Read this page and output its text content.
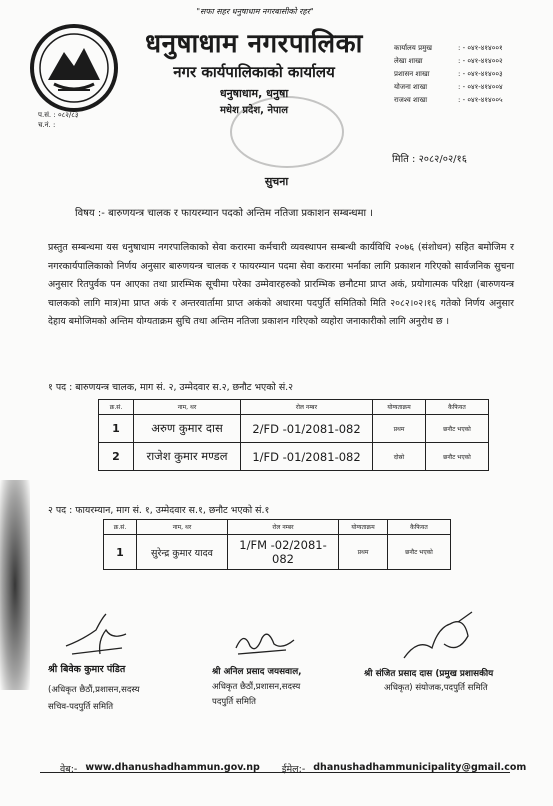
"सफा सहर धनुषाधाम नगरबासीको रहर"
धनुषाधाम नगरपालिका
नगर कार्यपालिकाको कार्यालय
धनुषाधाम, धनुषा
मधेश प्रदेश, नेपाल
प.सं. : ०८२/८३
च.नं. :
कार्यालय प्रमुख	: - ०४१-४१४००१
लेखा शाखा	: - ०४१-४१४००२
प्रशासन शाखा	: - ०४१-४१४००३
योजना शाखा	: - ०४१-४१४००४
राजश्व शाखा	: - ०४१-४१४००५
मिति : २०८२/०२/१६
सुचना
विषय :- बारुणयन्त्र चालक र फायरम्यान पदको अन्तिम नतिजा प्रकाशन सम्बन्धमा ।
प्रस्तुत सम्बन्धमा यस धनुषाधाम नगरपालिकाको सेवा करारमा कर्मचारी व्यवस्थापन सम्बन्धी कार्यविधि २०७६ (संशोधन) सहित बमोजिम र नगरकार्यपालिकाको निर्णय अनुसार बारुणयन्त्र चालक र फायरम्यान पदमा सेवा करारमा भर्नाका लागि प्रकाशन गरिएको सार्वजनिक सुचना अनुसार रितपुर्वक पन आएका तथा प्रारम्भिक सूचीमा परेका उम्मेवारहरुको प्रारम्भिक छनौटमा प्राप्त अकं, प्रयोगात्मक परिक्षा (बारुणयन्त्र चालकको लागि मात्र)मा प्राप्त अकं र अन्तरवार्तामा प्राप्त अकंको अधारमा पदपुर्ति समितिको मिति २०८२।०२।१६ गतेको निर्णय अनुसार देहाय बमोजिमको अन्तिम योग्यताक्रम सुचि तथा अन्तिम नतिजा प्रकाशन गरिएको व्यहोरा जनाकारीको लागि अनुरोध छ ।
१ पद : बारुणयन्त्र चालक, माग सं. २, उम्मेदवार स.२, छनौट भएको सं.२
क्र.सं.	नाम, थर	रोल नम्बर	योग्यताक्रम	कैफियत
1	अरुण कुमार दास	2/FD -01/2081-082	प्रथम	छनौट भएको
2	राजेश कुमार मण्डल	1/FD -01/2081-082	दोस्रो	छनौट भएको
२ पद : फायरम्यान, माग सं. १, उम्मेदवार स.१, छनौट भएको सं.१
क्र.सं.	नाम, थर	रोल नम्बर	योग्यताक्रम	कैफियत
1	सुरेन्द्र कुमार यादव	1/FM -02/2081-082	प्रथम	छनौट भएको
श्री बिवेक कुमार पंडित
(अधिकृत छैठौं,प्रशासन,सदस्य
सचिव-पदपुर्ति समिति
श्री अनिल प्रसाद जयसवाल,
अधिकृत छैठौं,प्रशासन,सदस्य
पदपुर्ति समिति
श्री संजित प्रसाद दास (प्रमुख प्रशासकीय
अधिकृत) संयोजक,पदपुर्ति समिति
वेब:- www.dhanushadhammun.gov.np ईमेल:- dhanushadhammunicipality@gmail.com
